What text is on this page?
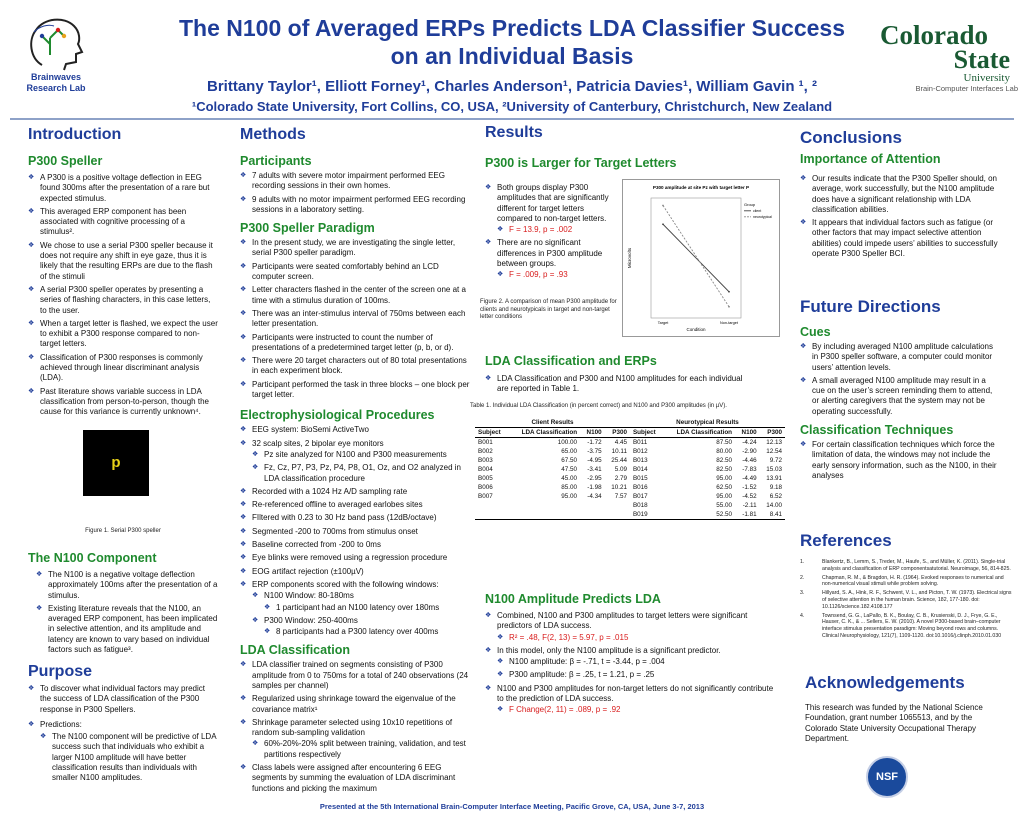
Brainwaves Research Lab
The N100 of Averaged ERPs Predicts LDA Classifier Success
on an Individual Basis
Brittany Taylor¹, Elliott Forney¹, Charles Anderson¹, Patricia Davies¹, William Gavin ¹, ²
¹Colorado State University, Fort Collins, CO, USA, ²University of Canterbury, Christchurch, New Zealand
Colorado
State
University
Brain-Computer Interfaces Lab
Introduction
P300 Speller
❖ A P300 is a positive voltage deflection in EEG found 300ms after the presentation of a rare but expected stimulus.
❖ This averaged ERP component has been associated with cognitive processing of a stimulus².
❖ We chose to use a serial P300 speller because it does not require any shift in eye gaze, thus it is likely that the resulting ERPs are due to the flash of the stimuli
❖ A serial P300 speller operates by presenting a series of flashing characters, in this case letters, to the user.
❖ When a target letter is flashed, we expect the user to exhibit a P300 response compared to non-target letters.
❖ Classification of P300 responses is commonly achieved through linear discriminant analysis (LDA).
❖ Past literature shows variable success in LDA classification from person-to-person, though the cause for this variance is currently unknown⁴.
p
Figure 1. Serial P300 speller
The N100 Component
❖ The N100 is a negative voltage deflection approximately 100ms after the presentation of a stimulus.
❖ Existing literature reveals that the N100, an averaged ERP component, has been implicated in selective attention, and its amplitude and latency are known to vary based on individual factors such as fatigue³.
Purpose
❖ To discover what individual factors may predict the success of LDA classification of the P300 response in P300 Spellers.
❖ Predictions:
❖ The N100 component will be predictive of LDA success such that individuals who exhibit a larger N100 amplitude will have better classification results than individuals with smaller N100 amplitudes.
Methods
Participants
❖ 7 adults with severe motor impairment performed EEG recording sessions in their own homes.
❖ 9 adults with no motor impairment performed EEG recording sessions in a laboratory setting.
P300 Speller Paradigm
❖ In the present study, we are investigating the single letter, serial P300 speller paradigm.
❖ Participants were seated comfortably behind an LCD computer screen.
❖ Letter characters flashed in the center of the screen one at a time with a stimulus duration of 100ms.
❖ There was an inter-stimulus interval of 750ms between each letter presentation.
❖ Participants were instructed to count the number of presentations of a predetermined target letter (p, b, or d).
❖ There were 20 target characters out of 80 total presentations in each experiment block.
❖ Participant performed the task in three blocks – one block per target letter.
Electrophysiological Procedures
❖ EEG system: BioSemi ActiveTwo
❖ 32 scalp sites, 2 bipolar eye monitors
❖ Pz site analyzed for N100 and P300 measurements
❖ Fz, Cz, P7, P3, Pz, P4, P8, O1, Oz, and O2 analyzed in LDA classification procedure
❖ Recorded with a 1024 Hz A/D sampling rate
❖ Re-referenced offline to averaged earlobes sites
❖ FIltered with 0.23 to 30 Hz band pass (12dB/octave)
❖ Segmented -200 to 700ms from stimulus onset
❖ Baseline corrected from -200 to 0ms
❖ Eye blinks were removed using a regression procedure
❖ EOG artifact rejection (±100µV)
❖ ERP components scored with the following windows:
❖ N100 Window: 80-180ms
❖ 1 participant had an N100 latency over 180ms
❖ P300 Window: 250-400ms
❖ 8 participants had a P300 latency over 400ms
LDA Classification
❖ LDA classifier trained on segments consisting of P300 amplitude from 0 to 750ms for a total of 240 observations (24 samples per channel)
❖ Regularized using shrinkage toward the eigenvalue of the covariance matrix¹
❖ Shrinkage parameter selected using 10x10 repetitions of random sub-sampling validation
❖ 60%-20%-20% split between training, validation, and test partitions respectively
❖ Class labels were assigned after encountering 6 EEG segments by summing the evaluation of LDA discriminant functions and picking the maximum
Results
P300 is Larger for Target Letters
❖ Both groups display P300 amplitudes that are significantly different for target letters compared to non-target letters.
❖ F = 13.9, p = .002
❖ There are no significant differences in P300 amplitude between groups.
❖ F = .009, p = .93
P300 amplitude at site Pz with target letter P
Microvolts
Condition
Target	Non-target
Group
client
neurotypical
Figure 2. A comparison of mean P300 amplitude for clients and neurotypicals in target and non-target letter conditions
LDA Classification and ERPs
❖ LDA Classification and P300 and N100 amplitudes for each individual are reported in Table 1.
Table 1. Individual LDA Classification (in percent correct) and N100 and P300 amplitudes (in µV).
Client Results				Neurotypical Results			
Subject	LDA Classification	N100	P300	Subject	LDA Classification	N100	P300
B001	100.00	-1.72	4.45	B011	87.50	-4.24	12.13
B002	65.00	-3.75	10.11	B012	80.00	-2.90	12.54
B003	67.50	-4.95	25.44	B013	82.50	-4.46	9.72
B004	47.50	-3.41	5.09	B014	82.50	-7.83	15.03
B005	45.00	-2.95	2.79	B015	95.00	-4.49	13.91
B006	85.00	-1.98	10.21	B016	62.50	-1.52	9.18
B007	95.00	-4.34	7.57	B017	95.00	-4.52	6.52
				B018	55.00	-2.11	14.00
				B019	52.50	-1.81	8.41
N100 Amplitude Predicts LDA
❖ Combined, N100 and P300 amplitudes to target letters were significant predictors of LDA success.
❖ R² = .48, F(2, 13) = 5.97, p = .015
❖ In this model, only the N100 amplitude is a significant predictor.
❖ N100 amplitude: β = -.71, t = -3.44, p = .004
❖ P300 amplitude: β = .25, t = 1.21, p = .25
❖ N100 and P300 amplitudes for non-target letters do not significantly contribute to the prediction of LDA success.
❖ F Change(2, 11) = .089, p = .92
Conclusions
Importance of Attention
❖ Our results indicate that the P300 Speller should, on average, work successfully, but the N100 amplitude does have a significant relationship with LDA classification abilities.
❖ It appears that individual factors such as fatigue (or other factors that may impact selective attention abilities) could impede users’ abilities to successfully operate P300 Speller BCI.
Future Directions
Cues
❖ By including averaged N100 amplitude calculations in P300 speller software, a computer could monitor users’ attention levels.
❖ A small averaged N100 amplitude may result in a cue on the user’s screen reminding them to attend, or alerting caregivers that the system may not be operating successfully.
Classification Techniques
❖ For certain classification techniques which force the limitation of data, the windows may not include the early sensory information, such as the N100, in their analyses
References
1.	Blankertz, B., Lemm, S., Treder, M., Haufe, S., and Müller, K. (2011). Single-trial analysis and classification of ERP componentsatutorial. Neuroimage, 56, 814-825.
2.	Chapman, R. M., & Bragdon, H. R. (1964). Evoked responses to numerical and non-numerical visual stimuli while problem solving.
3.	Hillyard, S. A., Hink, R. F., Schwent, V. L., and Picton, T. W. (1973). Electrical signs of selective attention in the human brain. Science, 182, 177-180. doi: 10.1126/science.182.4108.177
4.	Townsend, G. G., LaPallo, B. K., Boulay, C. B., Krusienski, D. J., Frye, G. E., Hauser, C. K., & ... Sellers, E. W. (2010). A novel P300-based brain–computer interface stimulus presentation paradigm: Moving beyond rows and columns. Clinical Neurophysiology, 121(7), 1109-1120. doi:10.1016/j.clinph.2010.01.030
Acknowledgements
This research was funded by the National Science Foundation, grant number 1065513, and by the Colorado State University Occupational Therapy Department.
NSF
Presented at the 5th International Brain-Computer Interface Meeting, Pacific Grove, CA, USA, June 3-7, 2013
